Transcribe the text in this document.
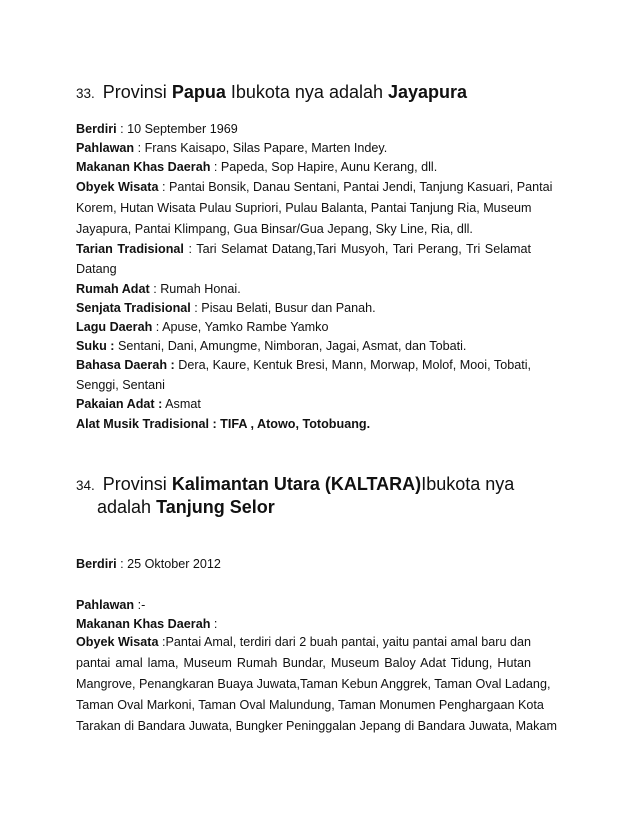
33. Provinsi Papua Ibukota nya adalah Jayapura
Berdiri : 10 September 1969
Pahlawan : Frans Kaisapo, Silas Papare, Marten Indey.
Makanan Khas Daerah : Papeda, Sop Hapire, Aunu Kerang, dll.
Obyek Wisata : Pantai Bonsik, Danau Sentani, Pantai Jendi, Tanjung Kasuari, Pantai
Korem, Hutan Wisata Pulau Supriori, Pulau Balanta, Pantai Tanjung Ria, Museum
Jayapura, Pantai Klimpang, Gua Binsar/Gua Jepang, Sky Line, Ria, dll.
Tarian Tradisional : Tari Selamat Datang,Tari Musyoh, Tari Perang, Tri Selamat
Datang
Rumah Adat : Rumah Honai.
Senjata Tradisional : Pisau Belati, Busur dan Panah.
Lagu Daerah : Apuse, Yamko Rambe Yamko
Suku : Sentani, Dani, Amungme, Nimboran, Jagai, Asmat, dan Tobati.
Bahasa Daerah : Dera, Kaure, Kentuk Bresi, Mann, Morwap, Molof, Mooi, Tobati,
Senggi, Sentani
Pakaian Adat : Asmat
Alat Musik Tradisional : TIFA , Atowo, Totobuang.
34. Provinsi Kalimantan Utara (KALTARA)Ibukota nya
adalah Tanjung Selor
Berdiri : 25 Oktober 2012
Pahlawan :-
Makanan Khas Daerah :
Obyek Wisata :Pantai Amal, terdiri dari 2 buah pantai, yaitu pantai amal baru dan
pantai amal lama, Museum Rumah Bundar, Museum Baloy Adat Tidung, Hutan
Mangrove, Penangkaran Buaya Juwata,Taman Kebun Anggrek, Taman Oval Ladang,
Taman Oval Markoni, Taman Oval Malundung, Taman Monumen Penghargaan Kota
Tarakan di Bandara Juwata, Bungker Peninggalan Jepang di Bandara Juwata, Makam
